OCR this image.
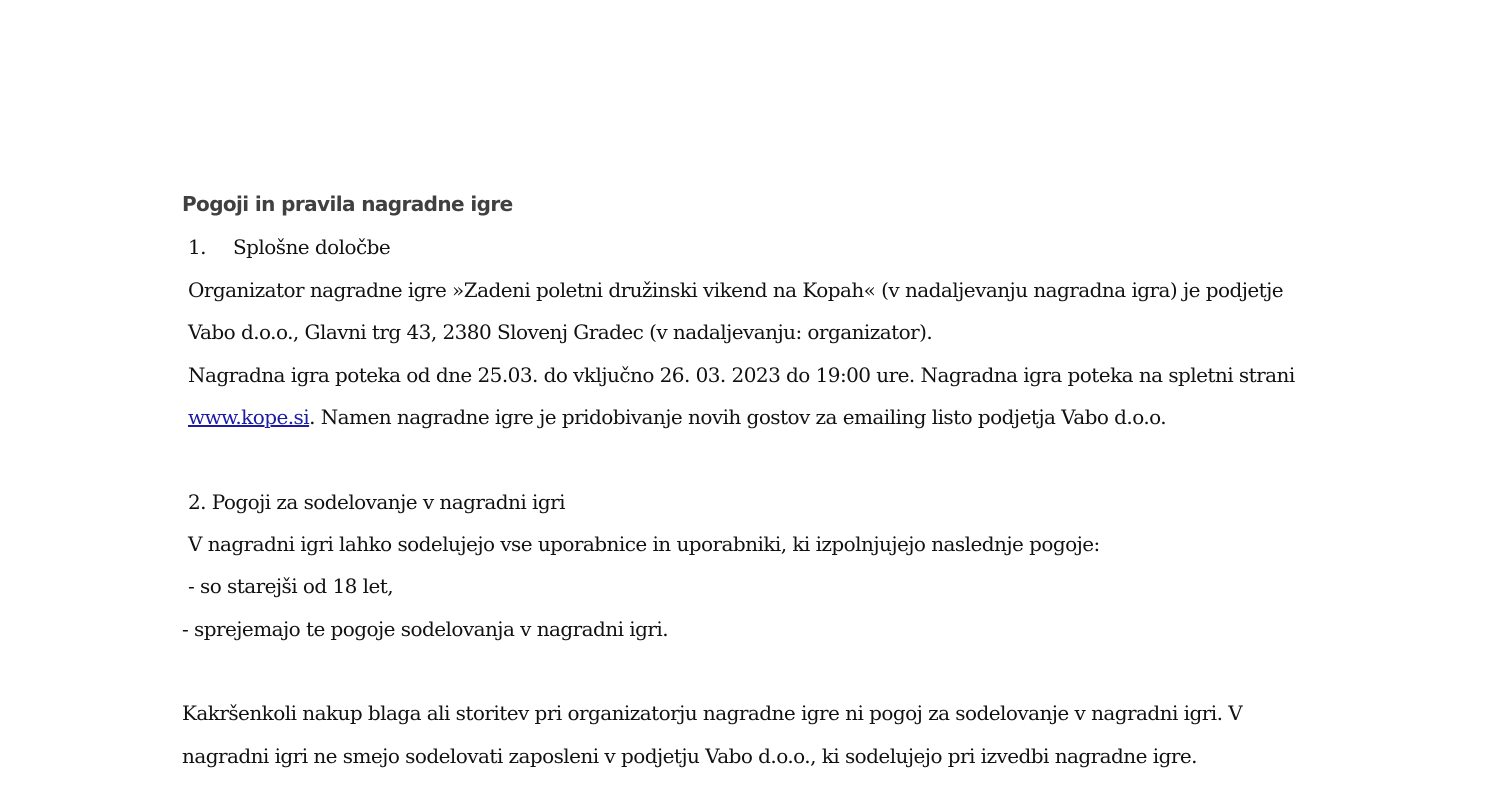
Pogoji in pravila nagradne igre
1. Splošne določbe
Organizator nagradne igre »Zadeni poletni družinski vikend na Kopah« (v nadaljevanju nagradna igra) je podjetje
Vabo d.o.o., Glavni trg 43, 2380 Slovenj Gradec (v nadaljevanju: organizator).
Nagradna igra poteka od dne 25.03. do vključno 26. 03. 2023 do 19:00 ure. Nagradna igra poteka na spletni strani
www.kope.si. Namen nagradne igre je pridobivanje novih gostov za emailing listo podjetja Vabo d.o.o.
2. Pogoji za sodelovanje v nagradni igri
V nagradni igri lahko sodelujejo vse uporabnice in uporabniki, ki izpolnjujejo naslednje pogoje:
- so starejši od 18 let,
- sprejemajo te pogoje sodelovanja v nagradni igri.
Kakršenkoli nakup blaga ali storitev pri organizatorju nagradne igre ni pogoj za sodelovanje v nagradni igri. V
nagradni igri ne smejo sodelovati zaposleni v podjetju Vabo d.o.o., ki sodelujejo pri izvedbi nagradne igre.
